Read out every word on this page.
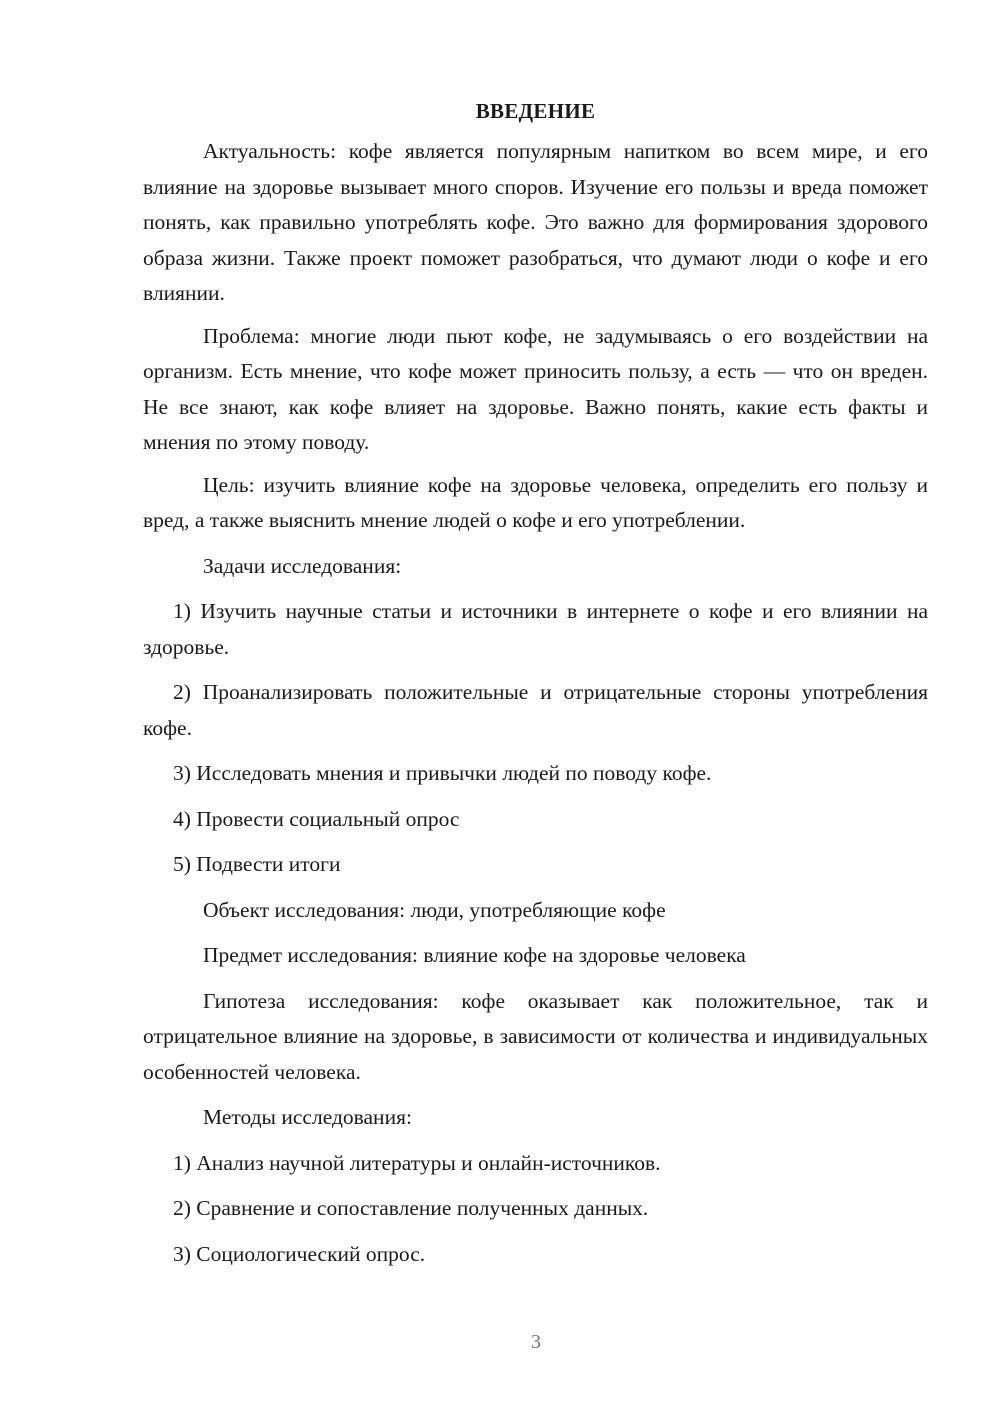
ВВЕДЕНИЕ

Актуальность: кофе является популярным напитком во всем мире, и его влияние на здоровье вызывает много споров. Изучение его пользы и вреда поможет понять, как правильно употреблять кофе. Это важно для формирования здорового образа жизни. Также проект поможет разобраться, что думают люди о кофе и его влиянии.

Проблема: многие люди пьют кофе, не задумываясь о его воздействии на организм. Есть мнение, что кофе может приносить пользу, а есть — что он вреден. Не все знают, как кофе влияет на здоровье. Важно понять, какие есть факты и мнения по этому поводу.

Цель: изучить влияние кофе на здоровье человека, определить его пользу и вред, а также выяснить мнение людей о кофе и его употреблении.

Задачи исследования:

1) Изучить научные статьи и источники в интернете о кофе и его влиянии на здоровье.

2) Проанализировать положительные и отрицательные стороны употребления кофе.

3) Исследовать мнения и привычки людей по поводу кофе.

4) Провести социальный опрос

5) Подвести итоги

Объект исследования: люди, употребляющие кофе

Предмет исследования: влияние кофе на здоровье человека

Гипотеза исследования: кофе оказывает как положительное, так и отрицательное влияние на здоровье, в зависимости от количества и индивидуальных особенностей человека.

Методы исследования:

1) Анализ научной литературы и онлайн-источников.

2) Сравнение и сопоставление полученных данных.

3) Социологический опрос.

3
